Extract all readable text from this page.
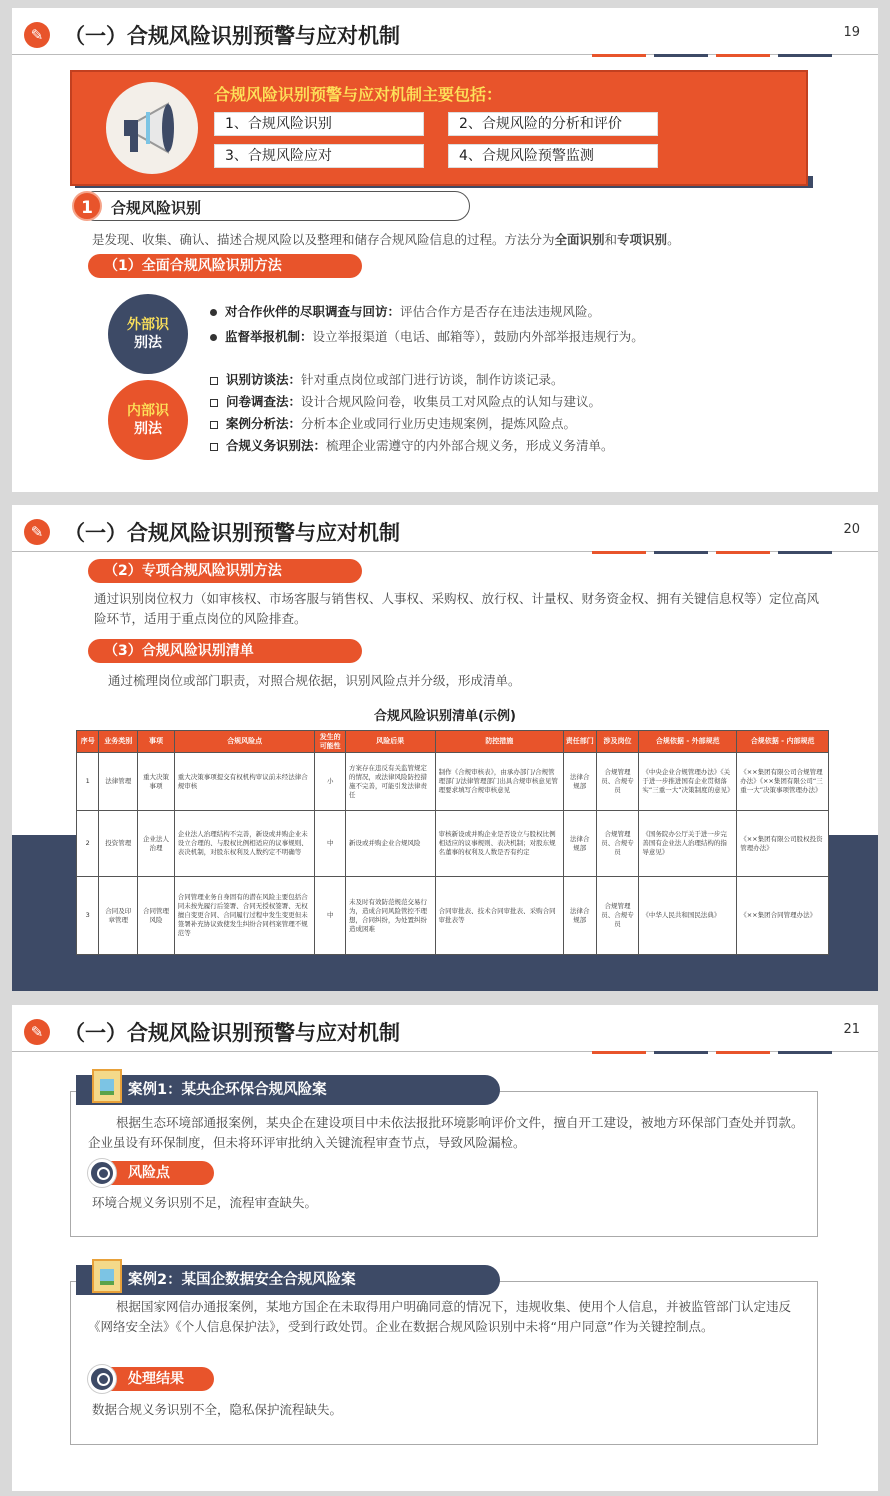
✎ （一）合规风险识别预警与应对机制	19
合规风险识别预警与应对机制主要包括：
1、合规风险识别	2、合规风险的分析和评价
3、合规风险应对	4、合规风险预警监测
合规风险识别
1
是发现、收集、确认、描述合规风险以及整理和储存合规风险信息的过程。方法分为全面识别和专项识别。
（1）全面合规风险识别方法
外部识
别法
内部识
别法
对合作伙伴的尽职调查与回访：评估合作方是否存在违法违规风险。
监督举报机制：设立举报渠道（电话、邮箱等），鼓励内外部举报违规行为。
识别访谈法：针对重点岗位或部门进行访谈，制作访谈记录。
问卷调查法：设计合规风险问卷，收集员工对风险点的认知与建议。
案例分析法：分析本企业或同行业历史违规案例，提炼风险点。
合规义务识别法：梳理企业需遵守的内外部合规义务，形成义务清单。
✎ （一）合规风险识别预警与应对机制	20
（2）专项合规风险识别方法
通过识别岗位权力（如审核权、市场客服与销售权、人事权、采购权、放行权、计量权、财务资金权、拥有关键信息权等）定位高风险环节，适用于重点岗位的风险排查。
（3）合规风险识别清单
通过梳理岗位或部门职责，对照合规依据，识别风险点并分级，形成清单。
合规风险识别清单(示例)
序号	业务类别	事项	合规风险点	发生的可能性	风险后果	防控措施	责任部门	涉及岗位	合规依据 - 外部规范	合规依据 - 内部规范
1	法律管理	重大决策事项	重大决策事项提交有权机构审议前未经法律合规审核	小	方案存在违反有关监管规定的情况，或法律风险防控措施不完善，可能引发法律责任	制作《合规审核表》，由承办部门/合规管理部门/法律管理部门出具合规审核意见管理要求填写合规审核意见	法律合规部	合规管理员、合规专员	《中央企业合规管理办法》《关于进一步推进国有企业贯彻落实“三重一大”决策制度的意见》	《××集团有限公司合规管理办法》《××集团有限公司“三重一大”决策事项管理办法》
2	投资管理	企业法人治理	企业法人治理结构不完善，新设或并购企业未设立合理的、与股权比例相适应的议事规则、表决机制，对股东权利及人数约定不明确等	中	新设或并购企业合规风险	审核新设或并购企业是否设立与股权比例相适应的议事规则、表决机制；对股东规名董事的权利及人数是否有约定	法律合规部	合规管理员、合规专员	《国务院办公厅关于进一步完善国有企业法人治理结构的指导意见》	《××集团有限公司股权投资管理办法》
3	合同及印章管理	合同管理风险	合同管理业务自身固有的潜在风险主要包括合同未按先履行后签署、合同无授权签署、无权擅自变更合同、合同履行过程中发生变更但未签署补充协议致使发生纠纷合同档案管理不规范等	中	未及时有效防范规范交易行为，造成合同风险管控不理想，合同纠纷，为处置纠纷造成困难	合同审批表、技术合同审批表、采购合同审批表等	法律合规部	合规管理员、合规专员	《中华人民共和国民法典》	《××集团合同管理办法》
✎ （一）合规风险识别预警与应对机制	21
案例1：某央企环保合规风险案
根据生态环境部通报案例，某央企在建设项目中未依法报批环境影响评价文件，擅自开工建设，被地方环保部门查处并罚款。企业虽设有环保制度，但未将环评审批纳入关键流程审查节点，导致风险漏检。
风险点
环境合规义务识别不足，流程审查缺失。
案例2：某国企数据安全合规风险案
根据国家网信办通报案例，某地方国企在未取得用户明确同意的情况下，违规收集、使用个人信息，并被监管部门认定违反《网络安全法》《个人信息保护法》，受到行政处罚。企业在数据合规风险识别中未将“用户同意”作为关键控制点。
处理结果
数据合规义务识别不全，隐私保护流程缺失。
